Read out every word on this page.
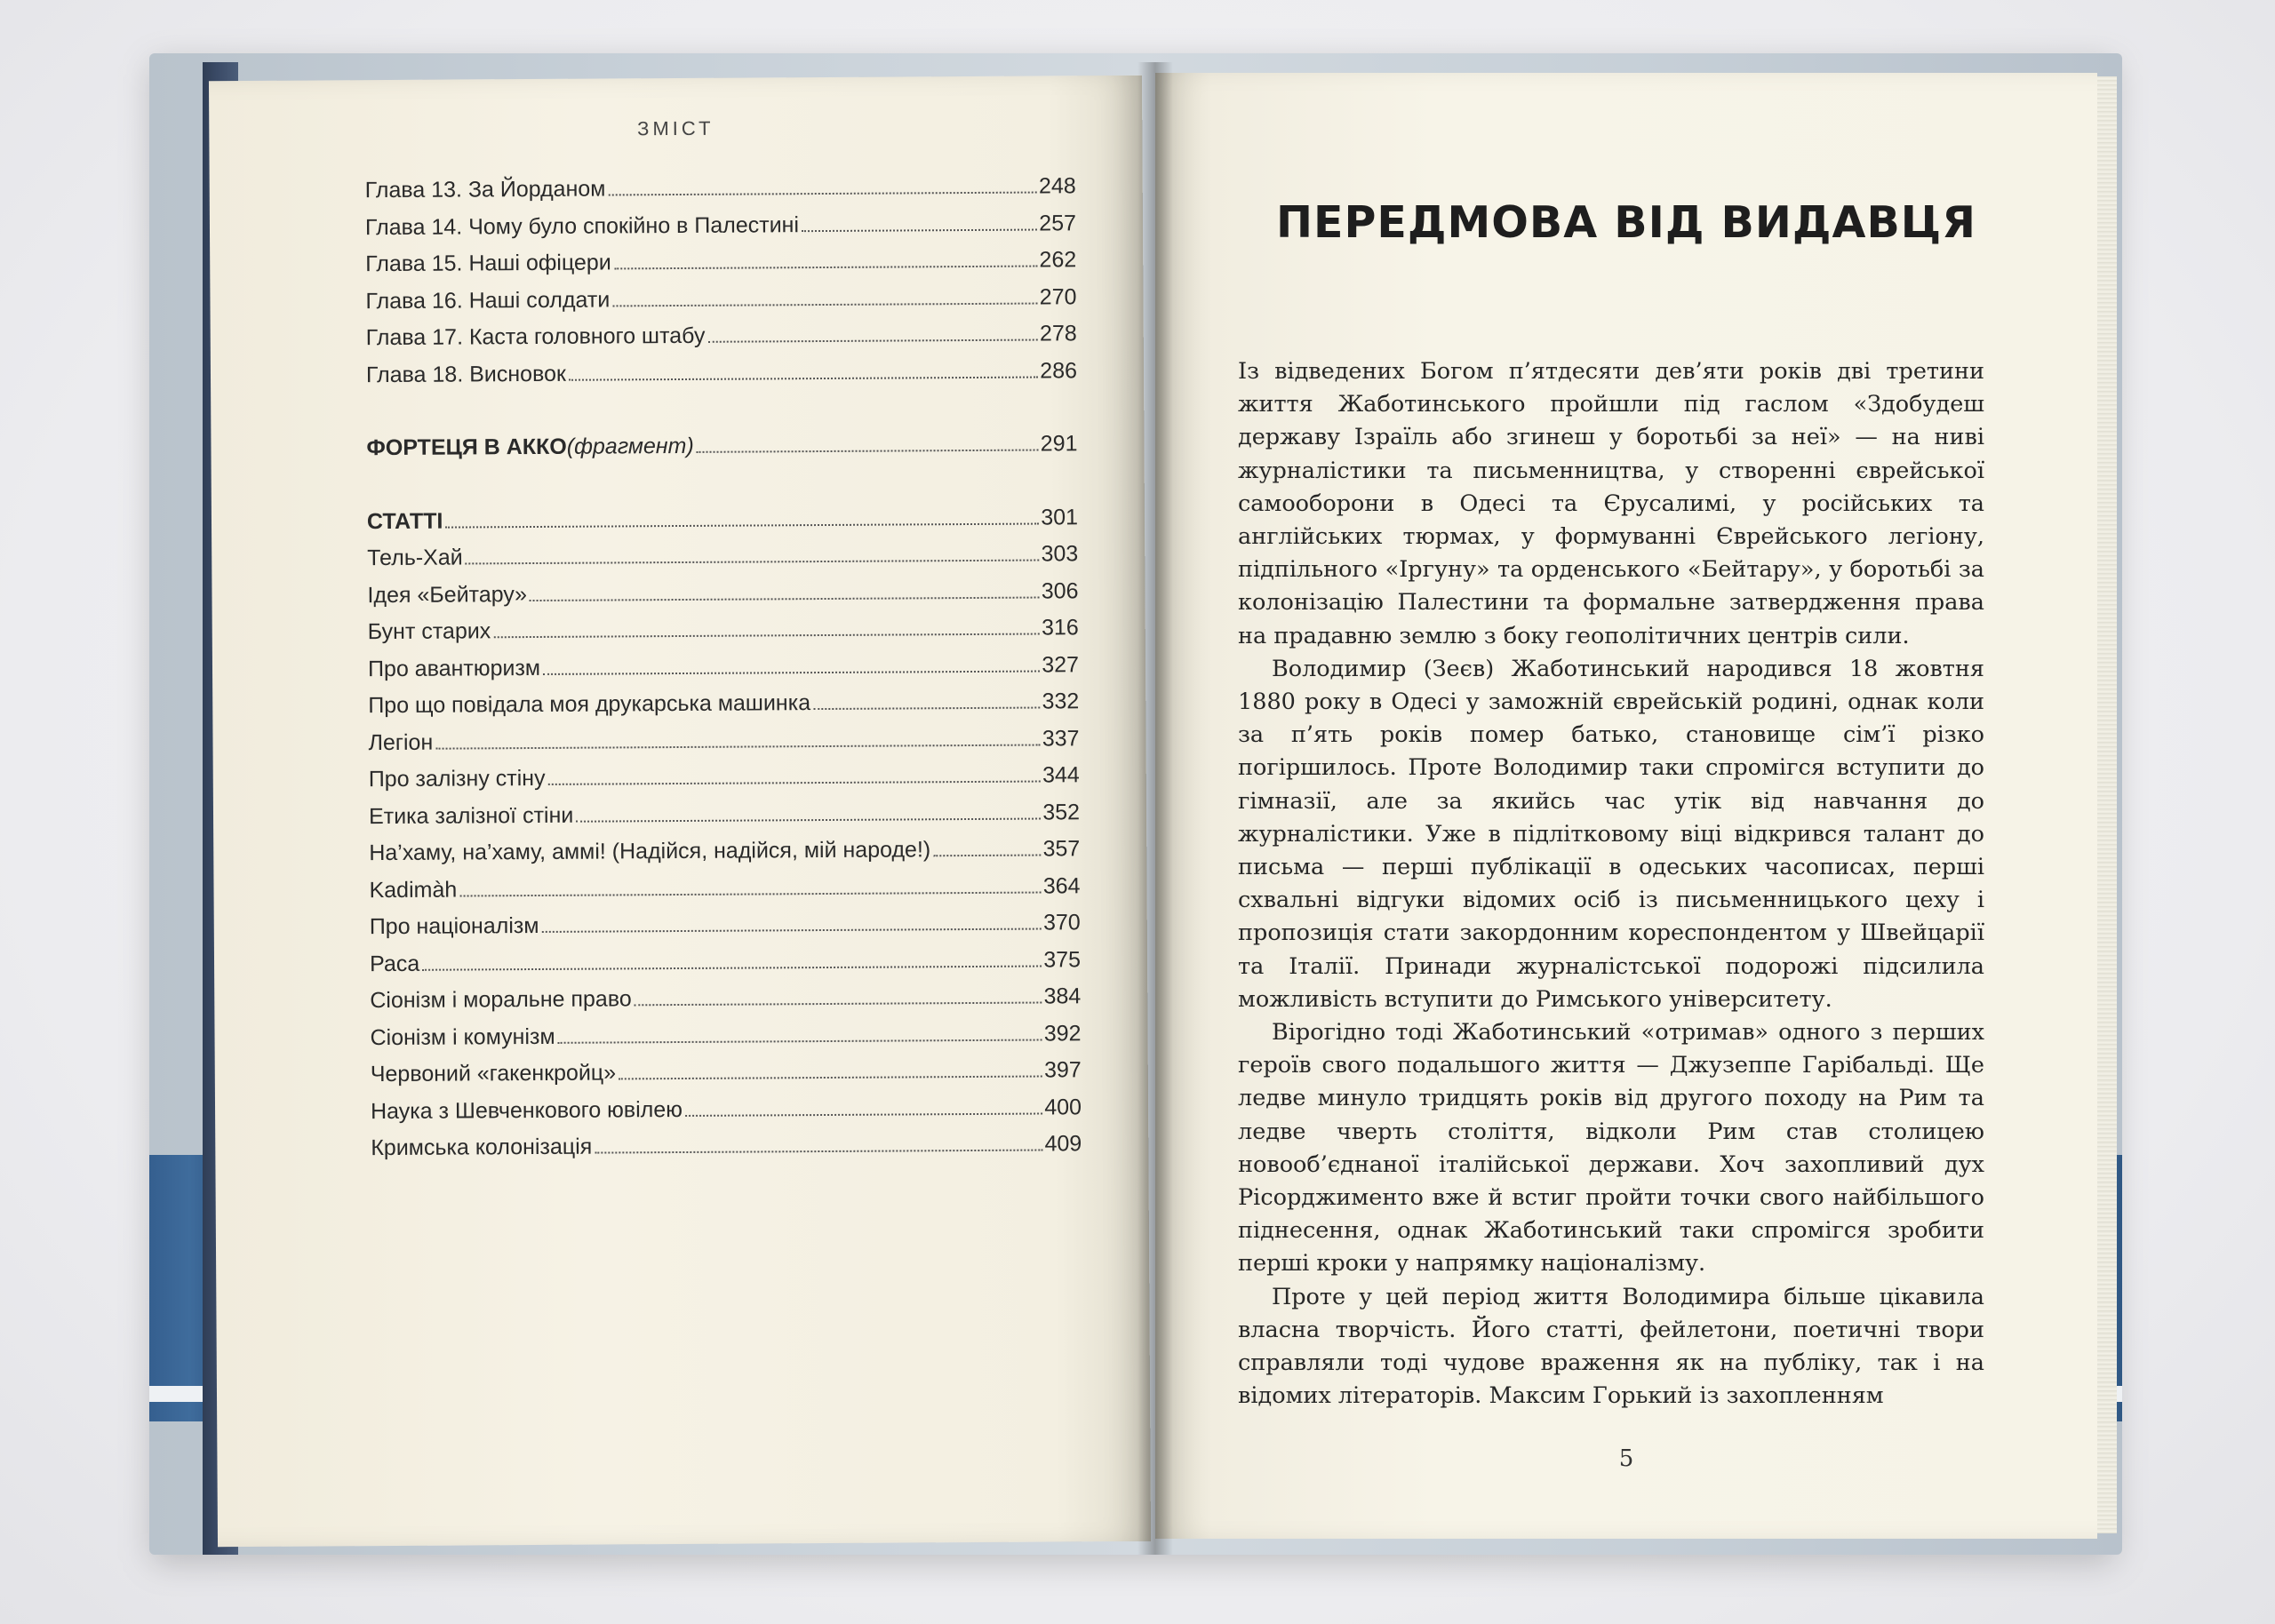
ЗМІСТ
Глава 13. За Йорданом	248
Глава 14. Чому було спокійно в Палестині	257
Глава 15. Наші офіцери	262
Глава 16. Наші солдати	270
Глава 17. Каста головного штабу	278
Глава 18. Висновок	286
ФОРТЕЦЯ В АККО (фрагмент)	291
СТАТТІ	301
Тель-Хай	303
Ідея «Бейтару»	306
Бунт старих	316
Про авантюризм	327
Про що повідала моя друкарська машинка	332
Легіон	337
Про залізну стіну	344
Етика залізної стіни	352
На’хаму, на’хаму, аммі! (Надійся, надійся, мій народе!)	357
Kadimàh	364
Про націоналізм	370
Раса	375
Сіонізм і моральне право	384
Сіонізм і комунізм	392
Червоний «гакенкройц»	397
Наука з Шевченкового ювілею	400
Кримська колонізація	409
ПЕРЕДМОВА ВІД ВИДАВЦЯ

Із відведених Богом п’ятдесяти дев’яти років дві третини життя Жаботинського пройшли під гаслом «Здобудеш державу Ізраїль або згинеш у боротьбі за неї» — на ниві журналістики та письменництва, у створенні єврейської самооборони в Одесі та Єрусалимі, у російських та англійських тюрмах, у формуванні Єврейського легіону, підпільного «Іргуну» та орденського «Бейтару», у боротьбі за колонізацію Палестини та формальне затвердження права на прадавню землю з боку геополітичних центрів сили.

Володимир (Зеєв) Жаботинський народився 18 жовтня 1880 року в Одесі у заможній єврейській родині, однак коли за п’ять років помер батько, становище сім’ї різко погіршилось. Проте Володимир таки спромігся вступити до гімназії, але за якийсь час утік від навчання до журналістики. Уже в підлітковому віці відкрився талант до письма — перші публікації в одеських часописах, перші схвальні відгуки відомих осіб із письменницького цеху і пропозиція стати закордонним кореспондентом у Швейцарії та Італії. Принади журналістської подорожі підсилила можливість вступити до Римського університету.

Вірогідно тоді Жаботинський «отримав» одного з перших героїв свого подальшого життя — Джузеппе Гарібальді. Ще ледве минуло тридцять років від другого походу на Рим та ледве чверть століття, відколи Рим став столицею новооб’єднаної італійської держави. Хоч захопливий дух Рісорджименто вже й встиг пройти точки свого найбільшого піднесення, однак Жаботинський таки спромігся зробити перші кроки у напрямку націоналізму.

Проте у цей період життя Володимира більше цікавила власна творчість. Його статті, фейлетони, поетичні твори справляли тоді чудове враження як на публіку, так і на відомих літераторів. Максим Горький із захопленням

5
